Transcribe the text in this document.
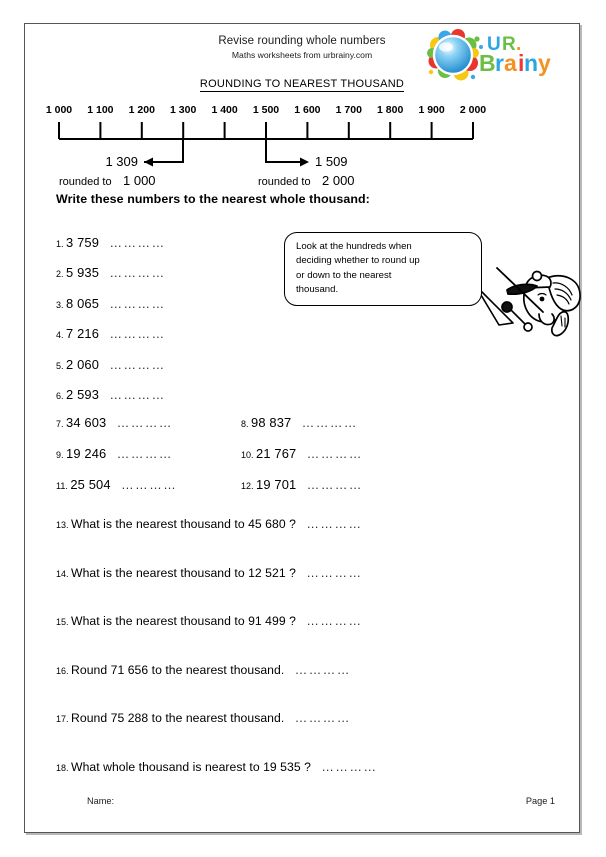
Revise rounding whole numbers
Maths worksheets from urbrainy.com
ROUNDING TO NEAREST THOUSAND
U R .
B r a i n y
1 000 1 100 1 200 1 300 1 400 1 500 1 600 1 700 1 800 1 900 2 000
1 309
rounded to 1 000
1 509
rounded to 2 000
Write these numbers to the nearest whole thousand:
Look at the hundreds when
deciding whether to round up
or down to the nearest
thousand.
1. 3 759 …………
2. 5 935 …………
3. 8 065 …………
4. 7 216 …………
5. 2 060 …………
6. 2 593 …………
7. 34 603 …………
9. 19 246 …………
11. 25 504 …………
8. 98 837 …………
10. 21 767 …………
12. 19 701 …………
13. What is the nearest thousand to 45 680 ? …………
14. What is the nearest thousand to 12 521 ? …………
15. What is the nearest thousand to 91 499 ? …………
16. Round 71 656 to the nearest thousand. …………
17. Round 75 288 to the nearest thousand. …………
18. What whole thousand is nearest to 19 535 ? …………
Name:	Page 1
